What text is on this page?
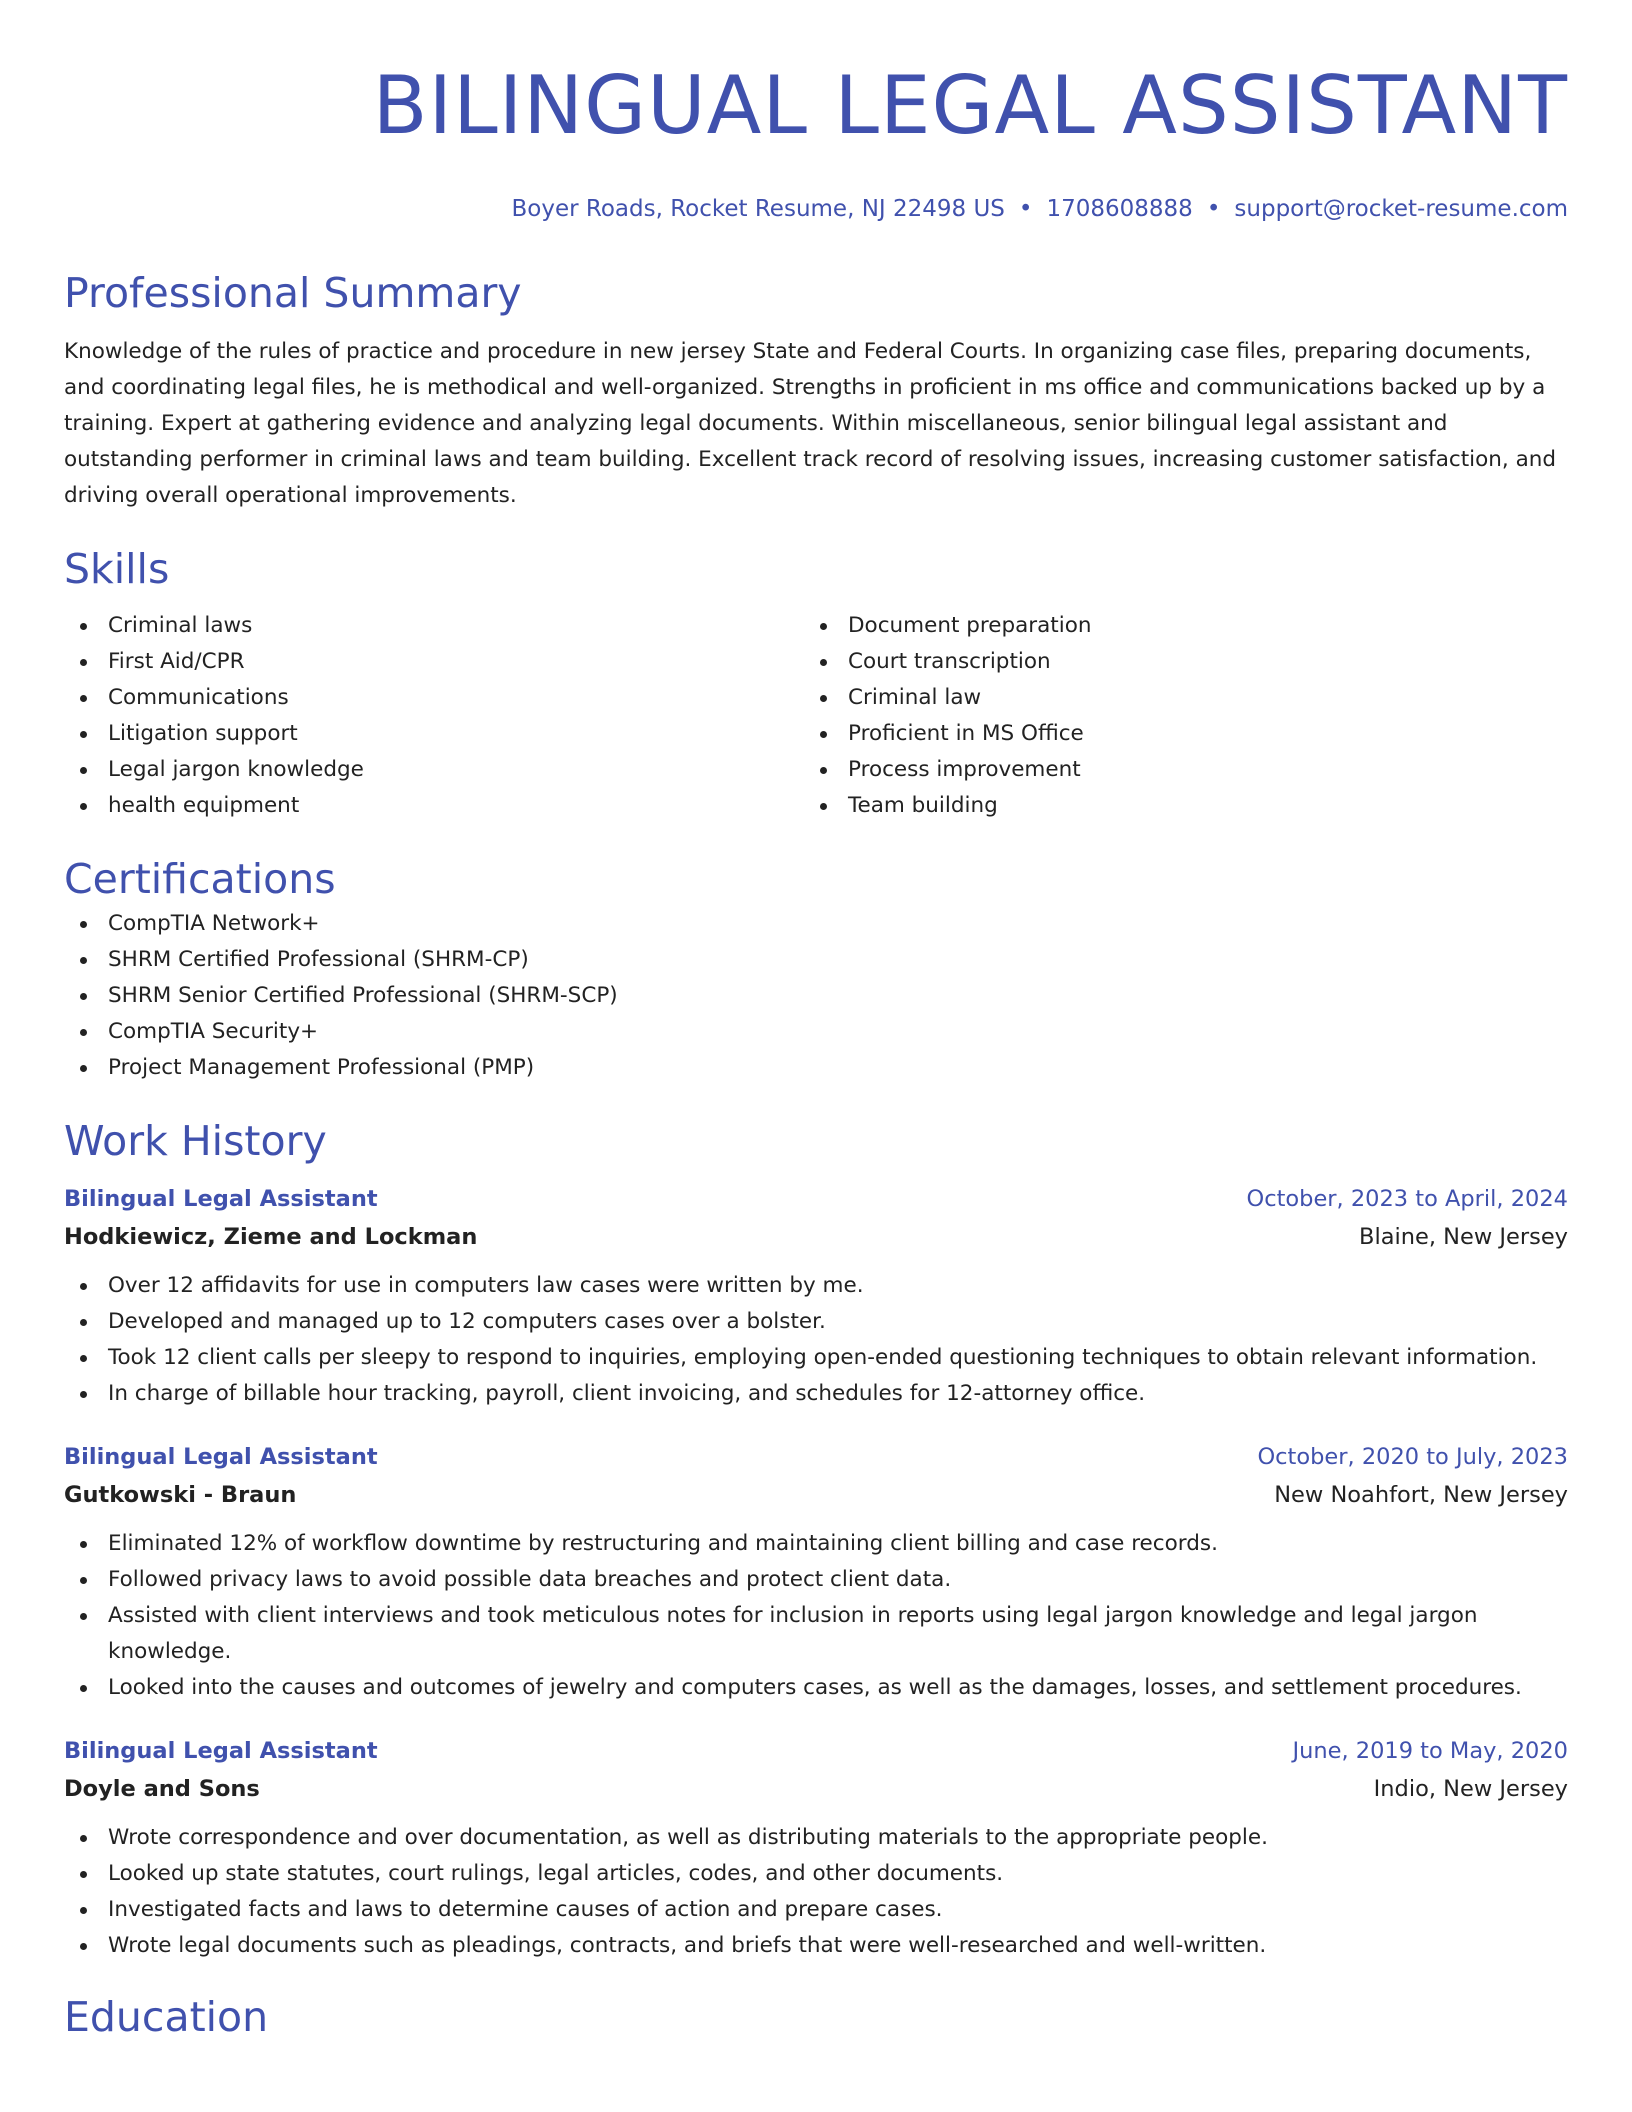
BILINGUAL LEGAL ASSISTANT
Boyer Roads, Rocket Resume, NJ 22498 US • 1708608888 • support@rocket-resume.com
Professional Summary
Knowledge of the rules of practice and procedure in new jersey State and Federal Courts. In organizing case files, preparing documents, and coordinating legal files, he is methodical and well-organized. Strengths in proficient in ms office and communications backed up by a training. Expert at gathering evidence and analyzing legal documents. Within miscellaneous, senior bilingual legal assistant and outstanding performer in criminal laws and team building. Excellent track record of resolving issues, increasing customer satisfaction, and driving overall operational improvements.
Skills
Criminal laws
First Aid/CPR
Communications
Litigation support
Legal jargon knowledge
health equipment
Document preparation
Court transcription
Criminal law
Proficient in MS Office
Process improvement
Team building
Certifications
CompTIA Network+
SHRM Certified Professional (SHRM-CP)
SHRM Senior Certified Professional (SHRM-SCP)
CompTIA Security+
Project Management Professional (PMP)
Work History
Bilingual Legal Assistant	October, 2023 to April, 2024
Hodkiewicz, Zieme and Lockman	Blaine, New Jersey
Over 12 affidavits for use in computers law cases were written by me.
Developed and managed up to 12 computers cases over a bolster.
Took 12 client calls per sleepy to respond to inquiries, employing open-ended questioning techniques to obtain relevant information.
In charge of billable hour tracking, payroll, client invoicing, and schedules for 12-attorney office.
Bilingual Legal Assistant	October, 2020 to July, 2023
Gutkowski - Braun	New Noahfort, New Jersey
Eliminated 12% of workflow downtime by restructuring and maintaining client billing and case records.
Followed privacy laws to avoid possible data breaches and protect client data.
Assisted with client interviews and took meticulous notes for inclusion in reports using legal jargon knowledge and legal jargon knowledge.
Looked into the causes and outcomes of jewelry and computers cases, as well as the damages, losses, and settlement procedures.
Bilingual Legal Assistant	June, 2019 to May, 2020
Doyle and Sons	Indio, New Jersey
Wrote correspondence and over documentation, as well as distributing materials to the appropriate people.
Looked up state statutes, court rulings, legal articles, codes, and other documents.
Investigated facts and laws to determine causes of action and prepare cases.
Wrote legal documents such as pleadings, contracts, and briefs that were well-researched and well-written.
Education
